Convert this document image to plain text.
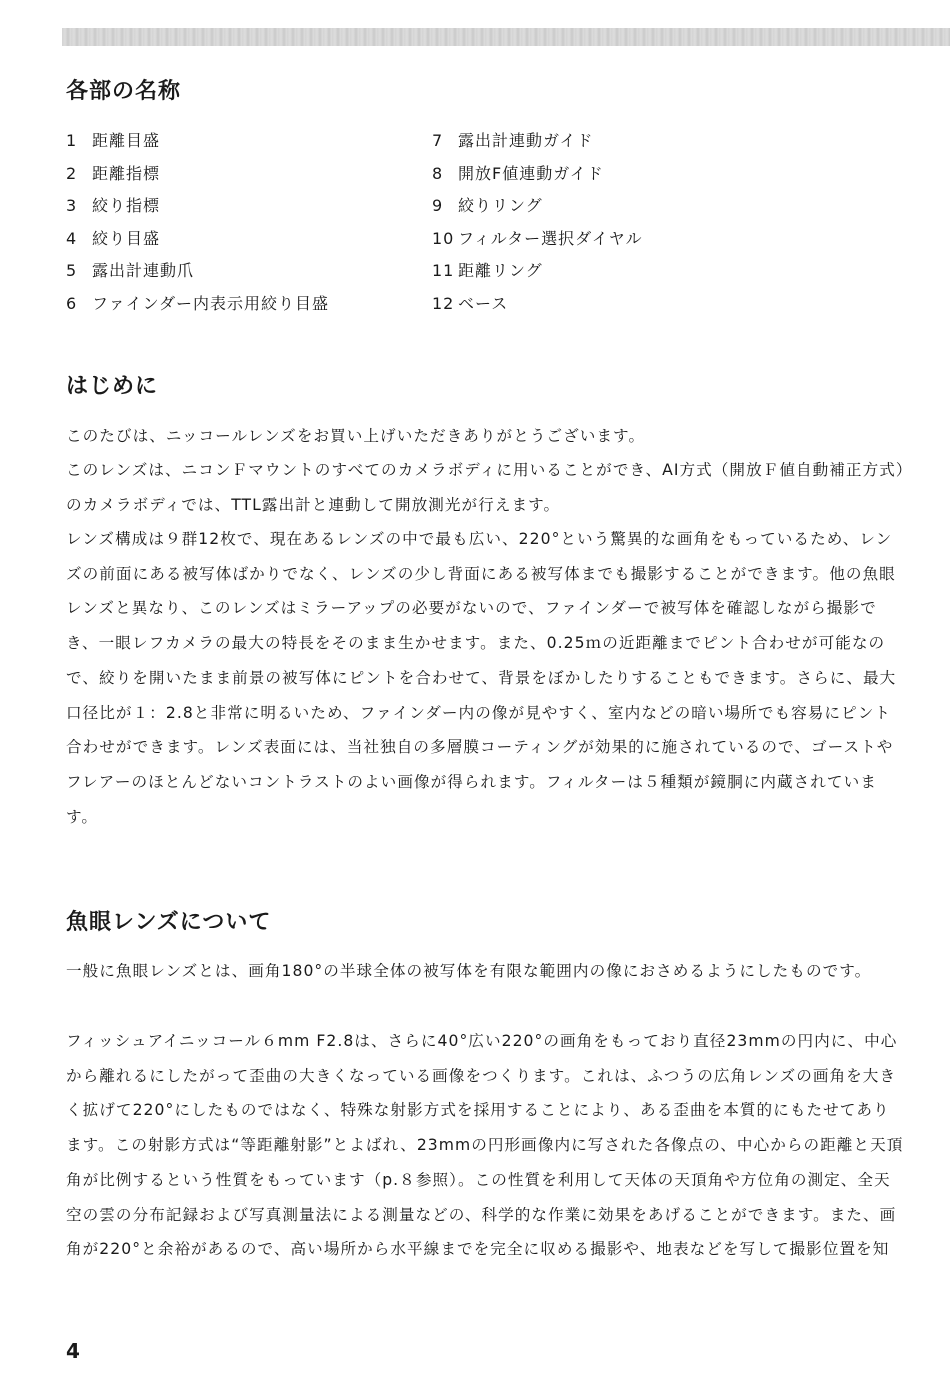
各部の名称
1 距離目盛
2 距離指標
3 絞り指標
4 絞り目盛
5 露出計連動爪
6 ファインダー内表示用絞り目盛
7 露出計連動ガイド
8 開放F値連動ガイド
9 絞りリング
10 フィルター選択ダイヤル
11 距離リング
12 ベース
はじめに

このたびは、ニッコールレンズをお買い上げいただきありがとうございます。

このレンズは、ニコンＦマウントのすべてのカメラボディに用いることができ、AI方式（開放Ｆ値自動補正方式）のカメラボディでは、TTL露出計と連動して開放測光が行えます。

レンズ構成は９群12枚で、現在あるレンズの中で最も広い、220°という驚異的な画角をもっているため、レンズの前面にある被写体ばかりでなく、レンズの少し背面にある被写体までも撮影することができます。他の魚眼レンズと異なり、このレンズはミラーアップの必要がないので、ファインダーで被写体を確認しながら撮影でき、一眼レフカメラの最大の特長をそのまま生かせます。また、0.25ｍの近距離までピント合わせが可能なので、絞りを開いたまま前景の被写体にピントを合わせて、背景をぼかしたりすることもできます。さらに、最大口径比が１：2.8と非常に明るいため、ファインダー内の像が見やすく、室内などの暗い場所でも容易にピント合わせができます。レンズ表面には、当社独自の多層膜コーティングが効果的に施されているので、ゴーストやフレアーのほとんどないコントラストのよい画像が得られます。フィルターは５種類が鏡胴に内蔵されています。

魚眼レンズについて

一般に魚眼レンズとは、画角180°の半球全体の被写体を有限な範囲内の像におさめるようにしたものです。

フィッシュアイニッコール６mm F2.8は、さらに40°広い220°の画角をもっており直径23mmの円内に、中心から離れるにしたがって歪曲の大きくなっている画像をつくります。これは、ふつうの広角レンズの画角を大きく拡げて220°にしたものではなく、特殊な射影方式を採用することにより、ある歪曲を本質的にもたせてあります。この射影方式は“等距離射影”とよばれ、23mmの円形画像内に写された各像点の、中心からの距離と天頂角が比例するという性質をもっています（p.８参照）。この性質を利用して天体の天頂角や方位角の測定、全天空の雲の分布記録および写真測量法による測量などの、科学的な作業に効果をあげることができます。また、画角が220°と余裕があるので、高い場所から水平線までを完全に収める撮影や、地表などを写して撮影位置を知

4
